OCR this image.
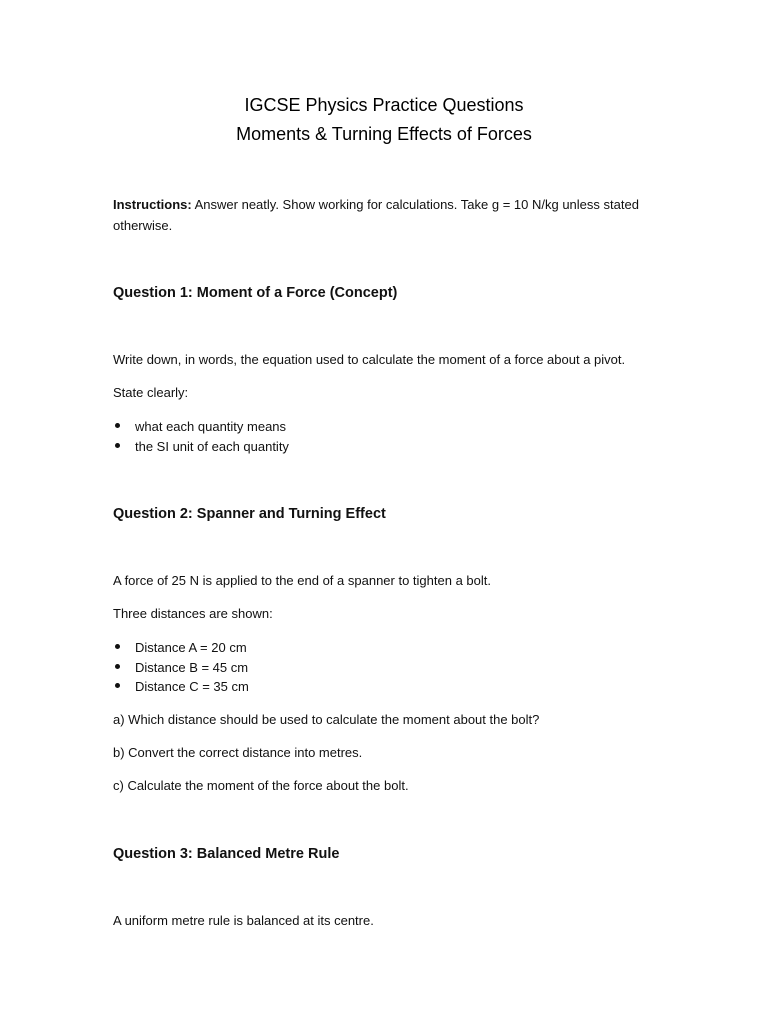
IGCSE Physics Practice Questions
Moments & Turning Effects of Forces
Instructions: Answer neatly. Show working for calculations. Take g = 10 N/kg unless stated
otherwise.
Question 1: Moment of a Force (Concept)
Write down, in words, the equation used to calculate the moment of a force about a pivot.
State clearly:
what each quantity means
the SI unit of each quantity
Question 2: Spanner and Turning Effect
A force of 25 N is applied to the end of a spanner to tighten a bolt.
Three distances are shown:
Distance A = 20 cm
Distance B = 45 cm
Distance C = 35 cm
a) Which distance should be used to calculate the moment about the bolt?
b) Convert the correct distance into metres.
c) Calculate the moment of the force about the bolt.
Question 3: Balanced Metre Rule
A uniform metre rule is balanced at its centre.
